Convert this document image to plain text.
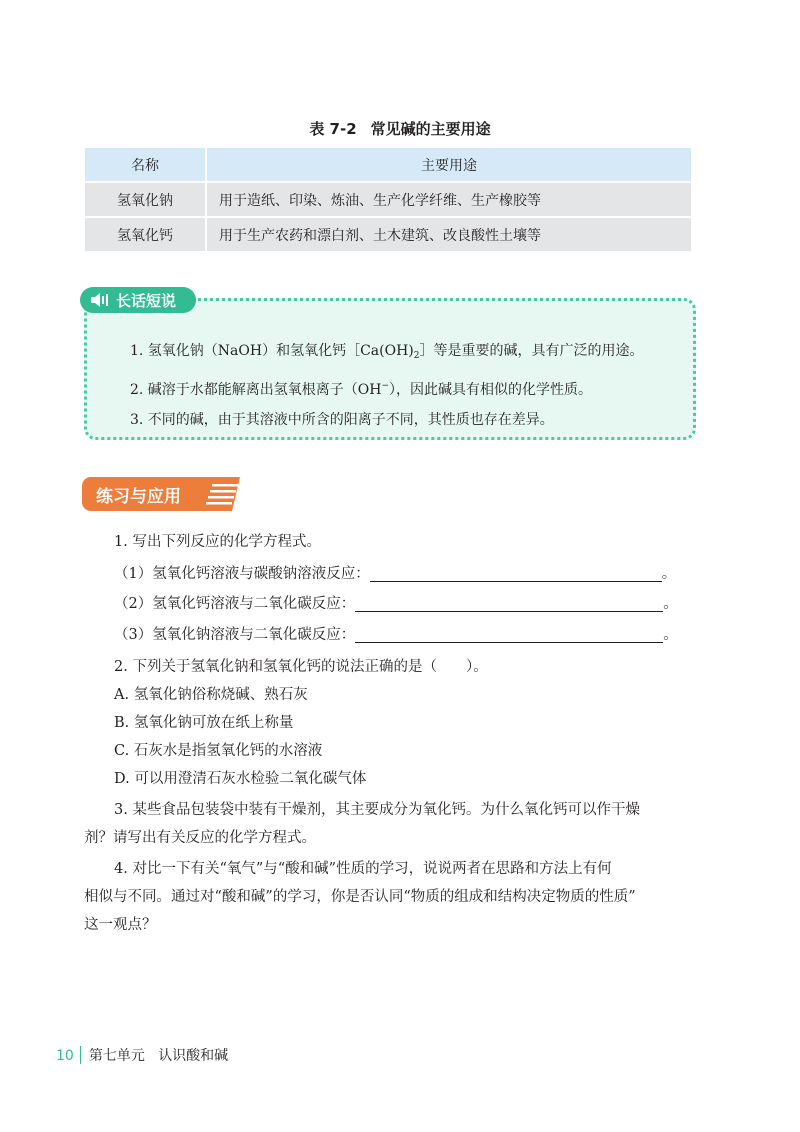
表 7-2 常见碱的主要用途
名称	主要用途
氢氧化钠	用于造纸、印染、炼油、生产化学纤维、生产橡胶等
氢氧化钙	用于生产农药和漂白剂、土木建筑、改良酸性土壤等
长话短说
1. 氢氧化钠（NaOH）和氢氧化钙$[Ca(OH)_2]$等是重要的碱，具有广泛的用途。
2. 碱溶于水都能解离出氢氧根离子（OH−），因此碱具有相似的化学性质。
3. 不同的碱，由于其溶液中所含的阳离子不同，其性质也存在差异。
练习与应用
1. 写出下列反应的化学方程式。
（1）氢氧化钙溶液与碳酸钠溶液反应：	。
（2）氢氧化钙溶液与二氧化碳反应：	。
（3）氢氧化钠溶液与二氧化碳反应：	。
2. 下列关于氢氧化钠和氢氧化钙的说法正确的是（　　）。
A. 氢氧化钠俗称烧碱、熟石灰
B. 氢氧化钠可放在纸上称量
C. 石灰水是指氢氧化钙的水溶液
D. 可以用澄清石灰水检验二氧化碳气体
3. 某些食品包装袋中装有干燥剂，其主要成分为氧化钙。为什么氧化钙可以作干燥
剂？请写出有关反应的化学方程式。
4. 对比一下有关“氧气”与“酸和碱”性质的学习，说说两者在思路和方法上有何
相似与不同。通过对“酸和碱”的学习，你是否认同“物质的组成和结构决定物质的性质”
这一观点？
10 第七单元 认识酸和碱
